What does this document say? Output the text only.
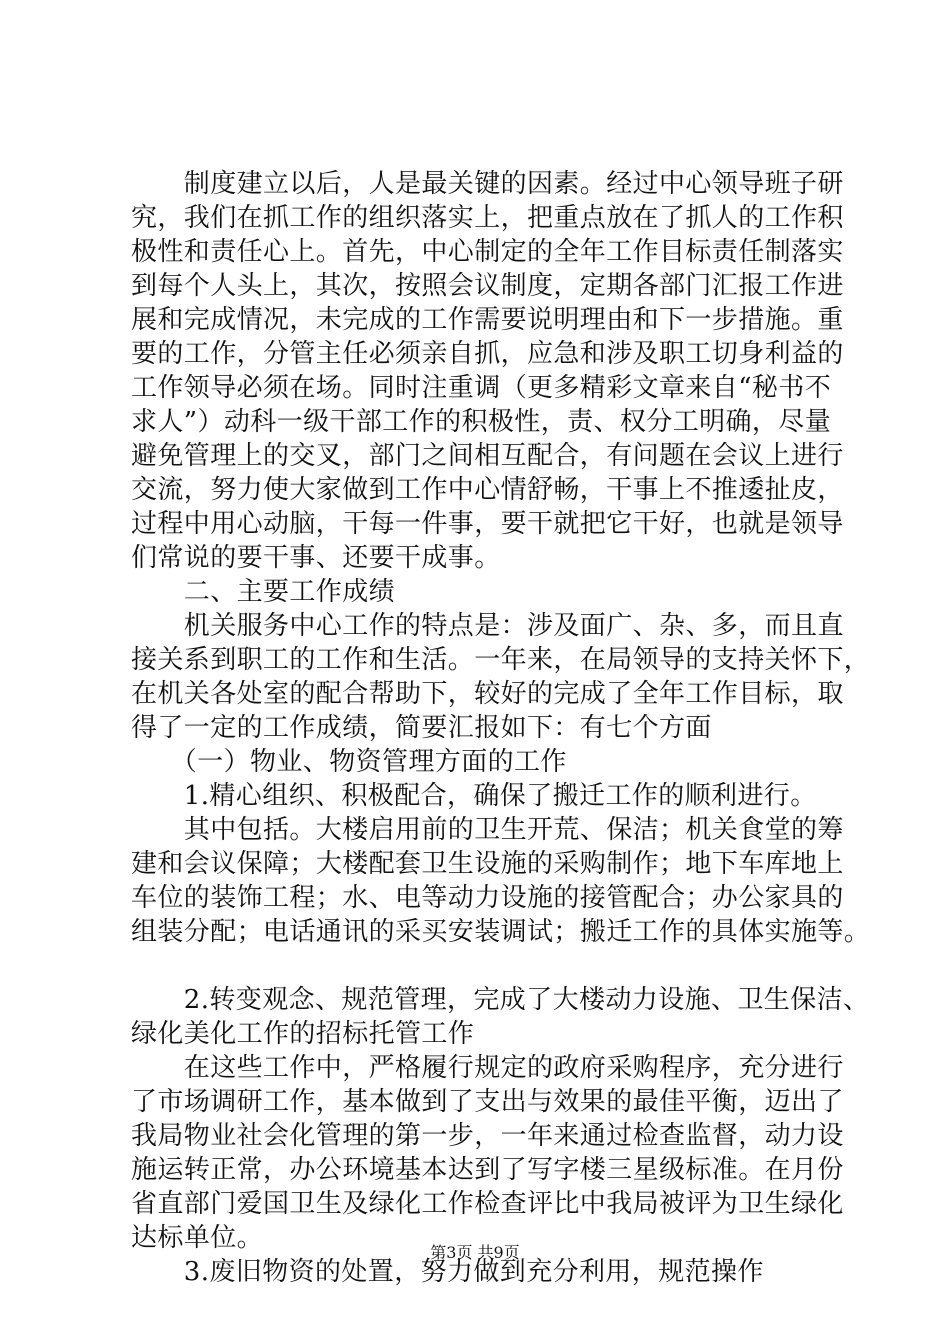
　　制度建立以后，人是最关键的因素。经过中心领导班子研
究，我们在抓工作的组织落实上，把重点放在了抓人的工作积
极性和责任心上。首先，中心制定的全年工作目标责任制落实
到每个人头上，其次，按照会议制度，定期各部门汇报工作进
展和完成情况，未完成的工作需要说明理由和下一步措施。重
要的工作，分管主任必须亲自抓，应急和涉及职工切身利益的
工作领导必须在场。同时注重调（更多精彩文章来自“秘书不
求人”）动科一级干部工作的积极性，责、权分工明确，尽量
避免管理上的交叉，部门之间相互配合，有问题在会议上进行
交流，努力使大家做到工作中心情舒畅，干事上不推逶扯皮，
过程中用心动脑，干每一件事，要干就把它干好，也就是领导
们常说的要干事、还要干成事。
　　二、主要工作成绩
　　机关服务中心工作的特点是：涉及面广、杂、多，而且直
接关系到职工的工作和生活。一年来，在局领导的支持关怀下，
在机关各处室的配合帮助下，较好的完成了全年工作目标，取
得了一定的工作成绩，简要汇报如下：有七个方面
　　（一）物业、物资管理方面的工作
　　1.精心组织、积极配合，确保了搬迁工作的顺利进行。
　　其中包括。大楼启用前的卫生开荒、保洁；机关食堂的筹
建和会议保障；大楼配套卫生设施的采购制作；地下车库地上
车位的装饰工程；水、电等动力设施的接管配合；办公家具的
组装分配；电话通讯的采买安装调试；搬迁工作的具体实施等。
　　2.转变观念、规范管理，完成了大楼动力设施、卫生保洁、
绿化美化工作的招标托管工作
　　在这些工作中，严格履行规定的政府采购程序，充分进行
了市场调研工作，基本做到了支出与效果的最佳平衡，迈出了
我局物业社会化管理的第一步，一年来通过检查监督，动力设
施运转正常，办公环境基本达到了写字楼三星级标准。在月份
省直部门爱国卫生及绿化工作检查评比中我局被评为卫生绿化
达标单位。
　　3.废旧物资的处置，努力做到充分利用，规范操作
第3页 共9页
